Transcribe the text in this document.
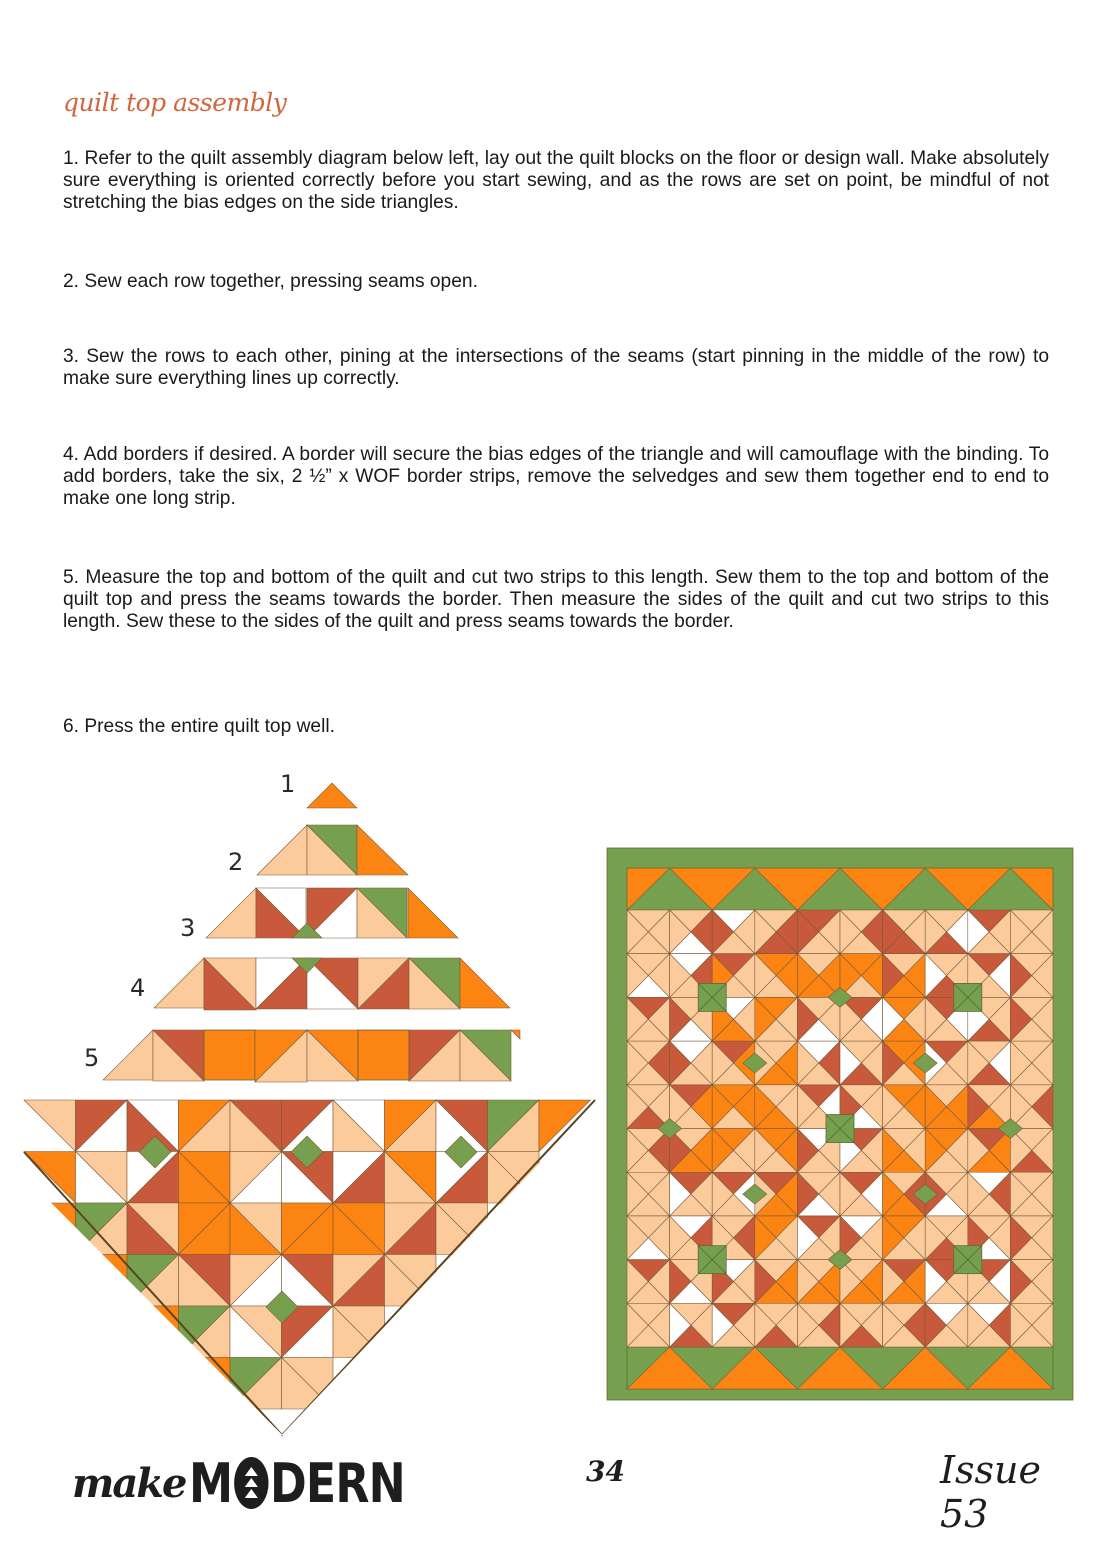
quilt top assembly
1. Refer to the quilt assembly diagram below left, lay out the quilt blocks on the floor or design wall. Make absolutely sure everything is oriented correctly before you start sewing, and as the rows are set on point, be mindful of not stretching the bias edges on the side triangles.
2. Sew each row together, pressing seams open.
3. Sew the rows to each other, pining at the intersections of the seams (start pinning in the middle of the row) to make sure everything lines up correctly.
4. Add borders if desired. A border will secure the bias edges of the triangle and will camouflage with the binding. To add borders, take the six, 2 ½” x WOF border strips, remove the selvedges and sew them together end to end to make one long strip.
5. Measure the top and bottom of the quilt and cut two strips to this length. Sew them to the top and bottom of the quilt top and press the seams towards the border. Then measure the sides of the quilt and cut two strips to this length. Sew these to the sides of the quilt and press seams towards the border.
6. Press the entire quilt top well.
1
2
3
4
5
make M DERN	34	Issue 53
